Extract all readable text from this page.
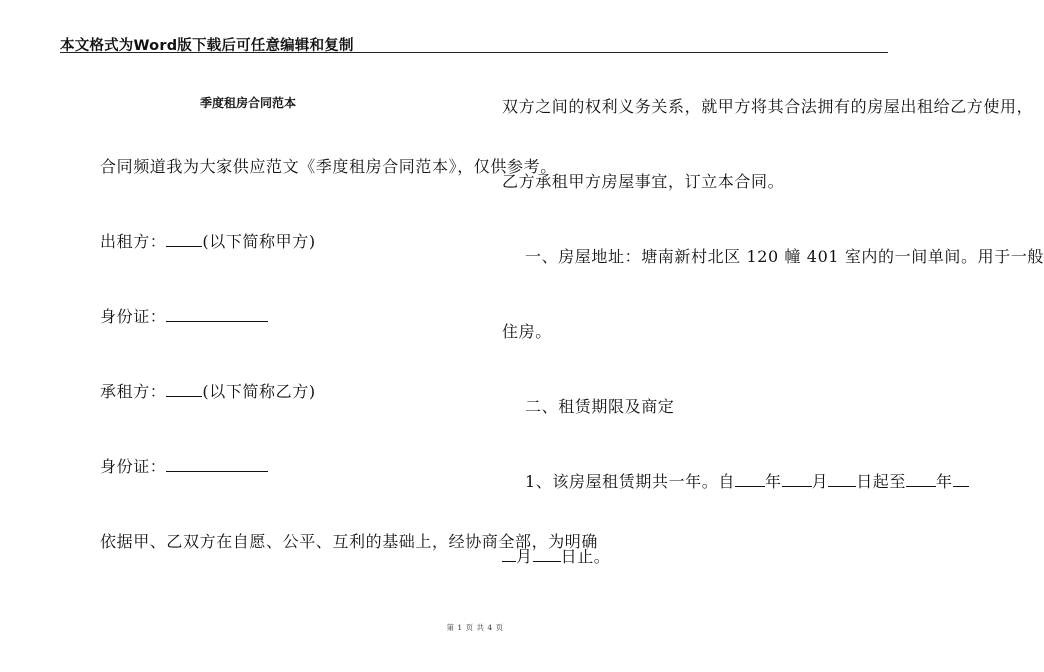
本文格式为Word版下载后可任意编辑和复制
季度租房合同范本
合同频道我为大家供应范文《季度租房合同范本》，仅供参考。
出租方： (以下简称甲方)
身份证：
承租方： (以下简称乙方)
身份证：
依据甲、乙双方在自愿、公平、互利的基础上，经协商全部，为明确
双方之间的权利义务关系，就甲方将其合法拥有的房屋出租给乙方使用，
乙方承租甲方房屋事宜，订立本合同。
一、房屋地址：塘南新村北区 120 幢 401 室内的一间单间。用于一般
住房。
二、租赁期限及商定
1、该房屋租赁期共一年。自 年 月 日起至 年
月 日止。
第 1 页 共 4 页
